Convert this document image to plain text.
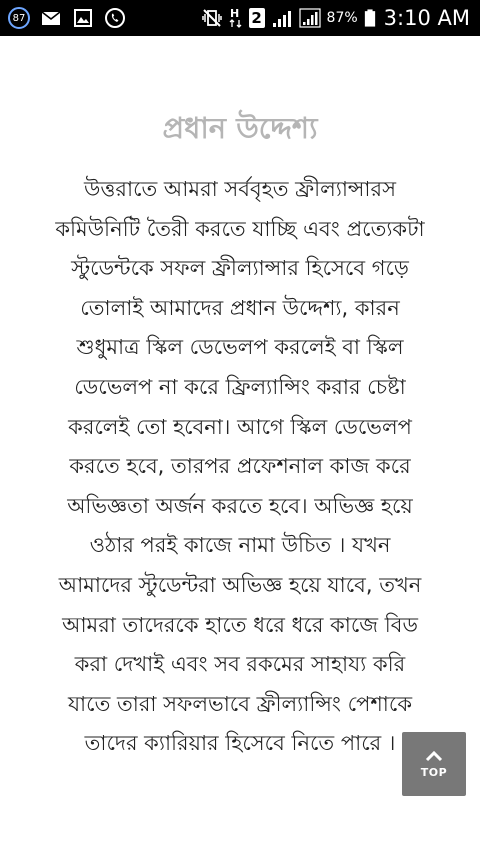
87	H 2	87% 3:10 AM
প্রধান উদ্দেশ্য
উত্তরাতে আমরা সর্ববৃহত ফ্রীল্যান্সারস
কমিউনিটি তৈরী করতে যাচ্ছি এবং প্রত্যেকটা
স্টুডেন্টকে সফল ফ্রীল্যান্সার হিসেবে গড়ে
তোলাই আমাদের প্রধান উদ্দেশ্য, কারন
শুধুমাত্র স্কিল ডেভেলপ করলেই বা স্কিল
ডেভেলপ না করে ফ্রিল্যান্সিং করার চেষ্টা
করলেই তো হবেনা। আগে স্কিল ডেভেলপ
করতে হবে, তারপর প্রফেশনাল কাজ করে
অভিজ্ঞতা অর্জন করতে হবে। অভিজ্ঞ হয়ে
ওঠার পরই কাজে নামা উচিত । যখন
আমাদের স্টুডেন্টরা অভিজ্ঞ হয়ে যাবে, তখন
আমরা তাদেরকে হাতে ধরে ধরে কাজে বিড
করা দেখাই এবং সব রকমের সাহায্য করি
যাতে তারা সফলভাবে ফ্রীল্যান্সিং পেশাকে
তাদের ক্যারিয়ার হিসেবে নিতে পারে ।
TOP
